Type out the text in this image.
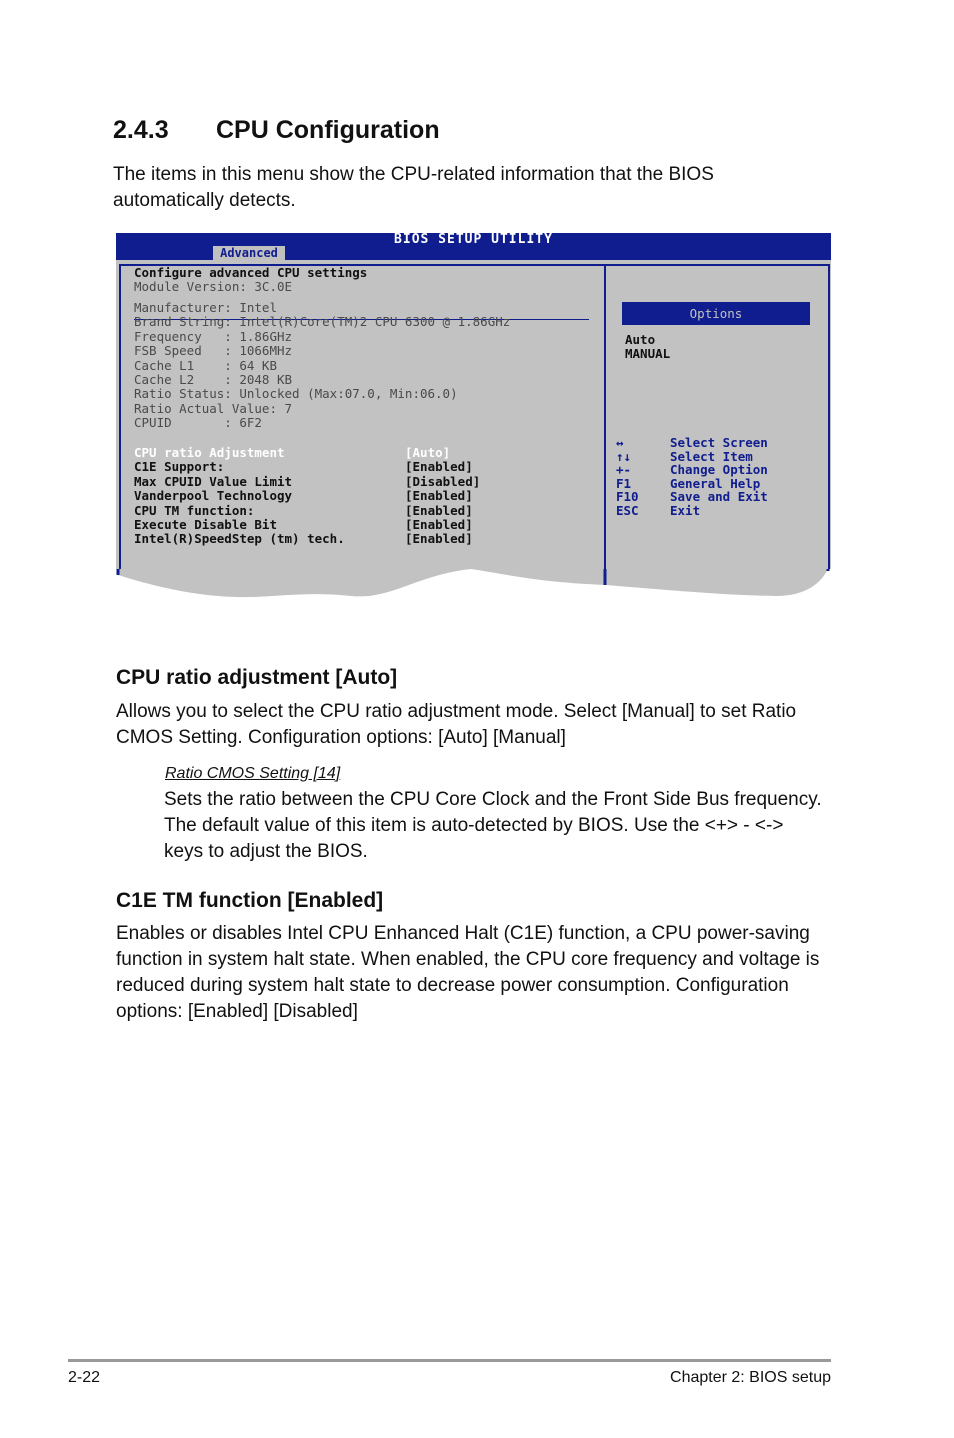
2.4.3 CPU Configuration
The items in this menu show the CPU-related information that the BIOS automatically detects.
BIOS SETUP UTILITY
Advanced
Configure advanced CPU settings
Module Version: 3C.0E
Manufacturer: Intel
Brand String: Intel(R)Core(TM)2 CPU 6300 @ 1.86GHz
Frequency   : 1.86GHz
FSB Speed   : 1066MHz
Cache L1    : 64 KB
Cache L2    : 2048 KB
Ratio Status: Unlocked (Max:07.0, Min:06.0)
Ratio Actual Value: 7
CPUID       : 6F2
CPU ratio Adjustment	[Auto]
C1E Support:	[Enabled]
Max CPUID Value Limit	[Disabled]
Vanderpool Technology	[Enabled]
CPU TM function:	[Enabled]
Execute Disable Bit	[Enabled]
Intel(R)SpeedStep (tm) tech.	[Enabled]
Options
Auto
MANUAL
↔	Select Screen
↑↓	Select Item
+-	Change Option
F1	General Help
F10	Save and Exit
ESC	Exit
CPU ratio adjustment [Auto]
Allows you to select the CPU ratio adjustment mode. Select [Manual] to set Ratio CMOS Setting. Configuration options: [Auto] [Manual]
Ratio CMOS Setting [14]
Sets the ratio between the CPU Core Clock and the Front Side Bus frequency. The default value of this item is auto-detected by BIOS. Use the <+> - <-> keys to adjust the BIOS.
C1E TM function [Enabled]
Enables or disables Intel CPU Enhanced Halt (C1E) function, a CPU power-saving function in system halt state. When enabled, the CPU core frequency and voltage is reduced during system halt state to decrease power consumption. Configuration options: [Enabled] [Disabled]
2-22	Chapter 2: BIOS setup
